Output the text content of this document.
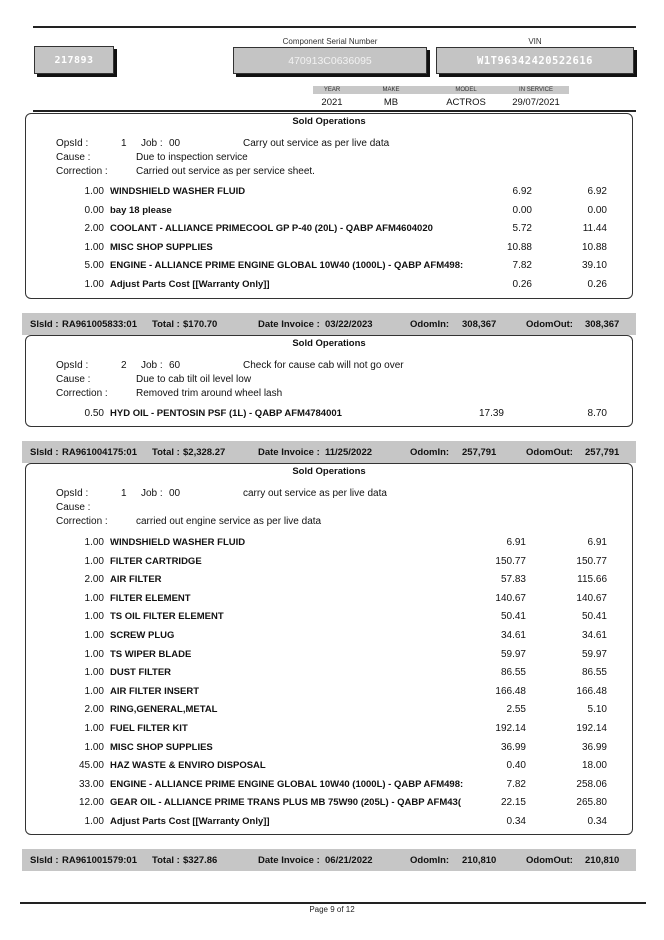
217893
Component Serial Number
470913C0636095
VIN
W1T96342420522616
YEAR	MAKE	MODEL	IN SERVICE
2021	MB	ACTROS	29/07/2021
Sold Operations
OpsId :	1 Job : 00	Carry out service as per live data
Cause :	Due to inspection service
Correction :	Carried out service as per service sheet.
1.00 WINDSHIELD WASHER FLUID	6.92	6.92
0.00 bay 18 please	0.00	0.00
2.00 COOLANT - ALLIANCE PRIMECOOL GP P-40 (20L) - QABP AFM4604020	5.72	11.44
1.00 MISC SHOP SUPPLIES	10.88	10.88
5.00 ENGINE - ALLIANCE PRIME ENGINE GLOBAL 10W40 (1000L) - QABP AFM498:	7.82	39.10
1.00 Adjust Parts Cost [[Warranty Only]]	0.26	0.26
SlsId : RA961005833:01 Total : $170.70	Date Invoice : 03/22/2023	OdomIn: 308,367	OdomOut: 308,367
Sold Operations
OpsId :	2 Job : 60	Check for cause cab will not go over
Cause :	Due to cab tilt oil level low
Correction :	Removed trim around wheel lash
0.50 HYD OIL - PENTOSIN PSF (1L) - QABP AFM4784001	17.39	8.70
SlsId : RA961004175:01 Total : $2,328.27	Date Invoice : 11/25/2022	OdomIn: 257,791	OdomOut: 257,791
Sold Operations
OpsId :	1 Job : 00	carry out service as per live data
Cause :
Correction :	carried out engine service as per live data
1.00 WINDSHIELD WASHER FLUID	6.91	6.91
1.00 FILTER CARTRIDGE	150.77	150.77
2.00 AIR FILTER	57.83	115.66
1.00 FILTER ELEMENT	140.67	140.67
1.00 TS OIL FILTER ELEMENT	50.41	50.41
1.00 SCREW PLUG	34.61	34.61
1.00 TS WIPER BLADE	59.97	59.97
1.00 DUST FILTER	86.55	86.55
1.00 AIR FILTER INSERT	166.48	166.48
2.00 RING,GENERAL,METAL	2.55	5.10
1.00 FUEL FILTER KIT	192.14	192.14
1.00 MISC SHOP SUPPLIES	36.99	36.99
45.00 HAZ WASTE & ENVIRO DISPOSAL	0.40	18.00
33.00 ENGINE - ALLIANCE PRIME ENGINE GLOBAL 10W40 (1000L) - QABP AFM498:	7.82	258.06
12.00 GEAR OIL - ALLIANCE PRIME TRANS PLUS MB 75W90 (205L) - QABP AFM43(	22.15	265.80
1.00 Adjust Parts Cost [[Warranty Only]]	0.34	0.34
SlsId : RA961001579:01 Total : $327.86	Date Invoice : 06/21/2022	OdomIn: 210,810	OdomOut: 210,810
Page 9 of 12
